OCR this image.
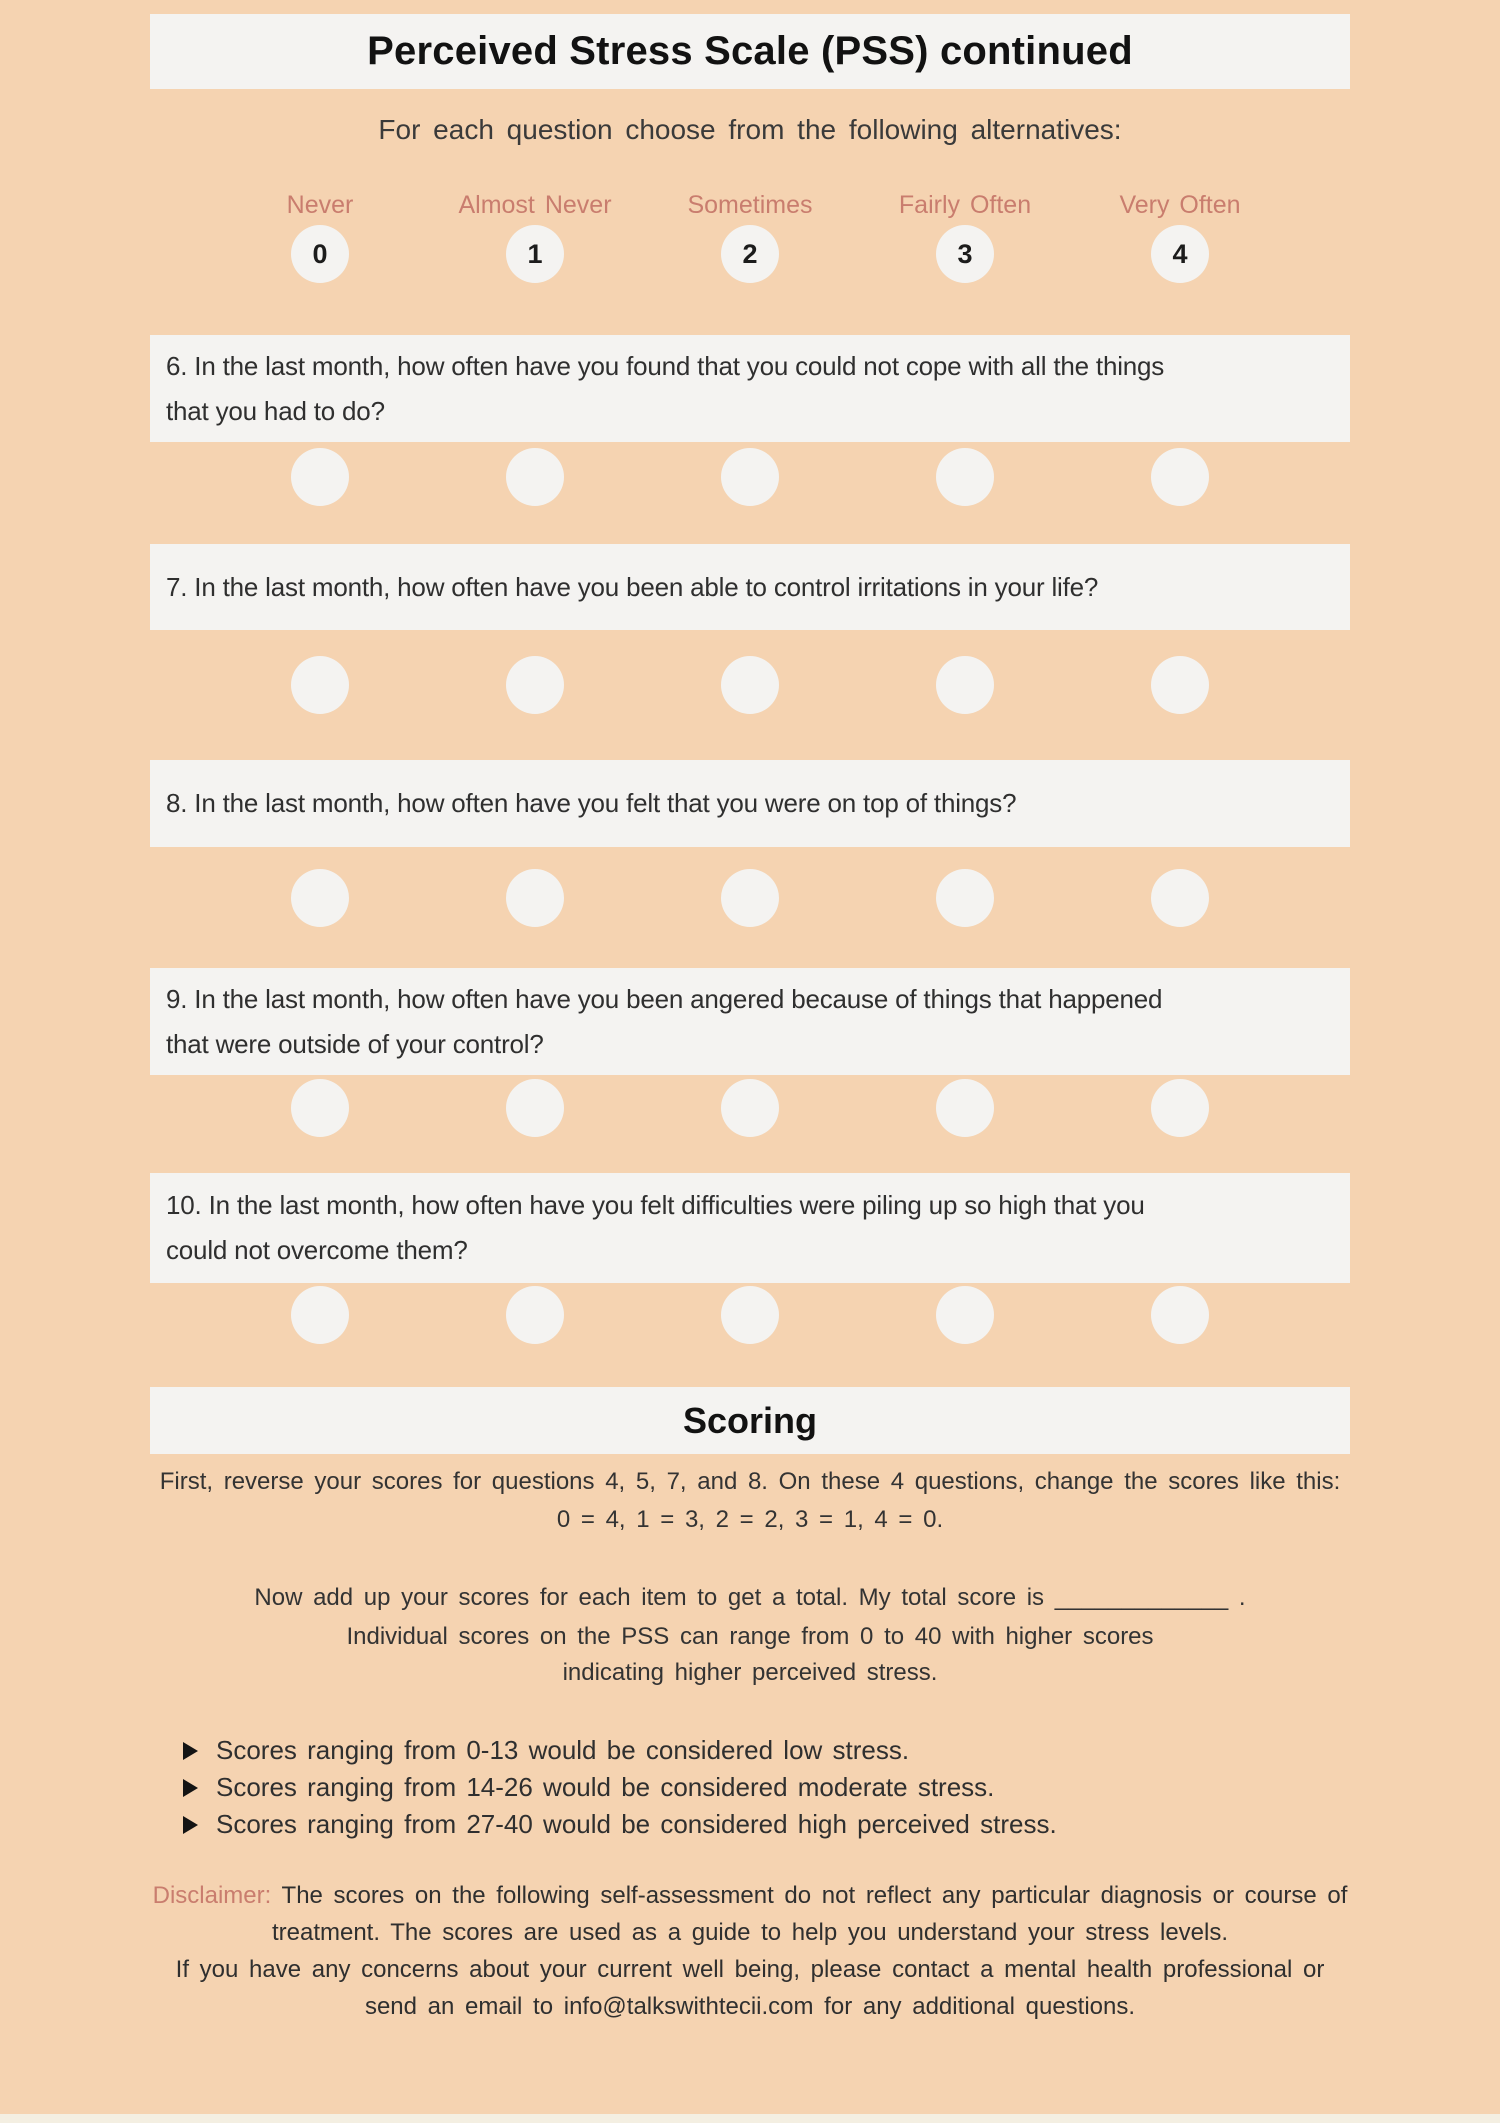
Perceived Stress Scale (PSS) continued
For each question choose from the following alternatives:
Never	Almost Never	Sometimes	Fairly Often	Very Often
0	1	2	3	4
6. In the last month, how often have you found that you could not cope with all the things
that you had to do?
7. In the last month, how often have you been able to control irritations in your life?
8. In the last month, how often have you felt that you were on top of things?
9. In the last month, how often have you been angered because of things that happened
that were outside of your control?
10. In the last month, how often have you felt difficulties were piling up so high that you
could not overcome them?
Scoring
First, reverse your scores for questions 4, 5, 7, and 8. On these 4 questions, change the scores like this:
0 = 4, 1 = 3, 2 = 2, 3 = 1, 4 = 0.
Now add up your scores for each item to get a total. My total score is _____________ .
Individual scores on the PSS can range from 0 to 40 with higher scores
indicating higher perceived stress.
Scores ranging from 0-13 would be considered low stress.
Scores ranging from 14-26 would be considered moderate stress.
Scores ranging from 27-40 would be considered high perceived stress.
Disclaimer: The scores on the following self-assessment do not reflect any particular diagnosis or course of
treatment. The scores are used as a guide to help you understand your stress levels.
If you have any concerns about your current well being, please contact a mental health professional or
send an email to info@talkswithtecii.com for any additional questions.
